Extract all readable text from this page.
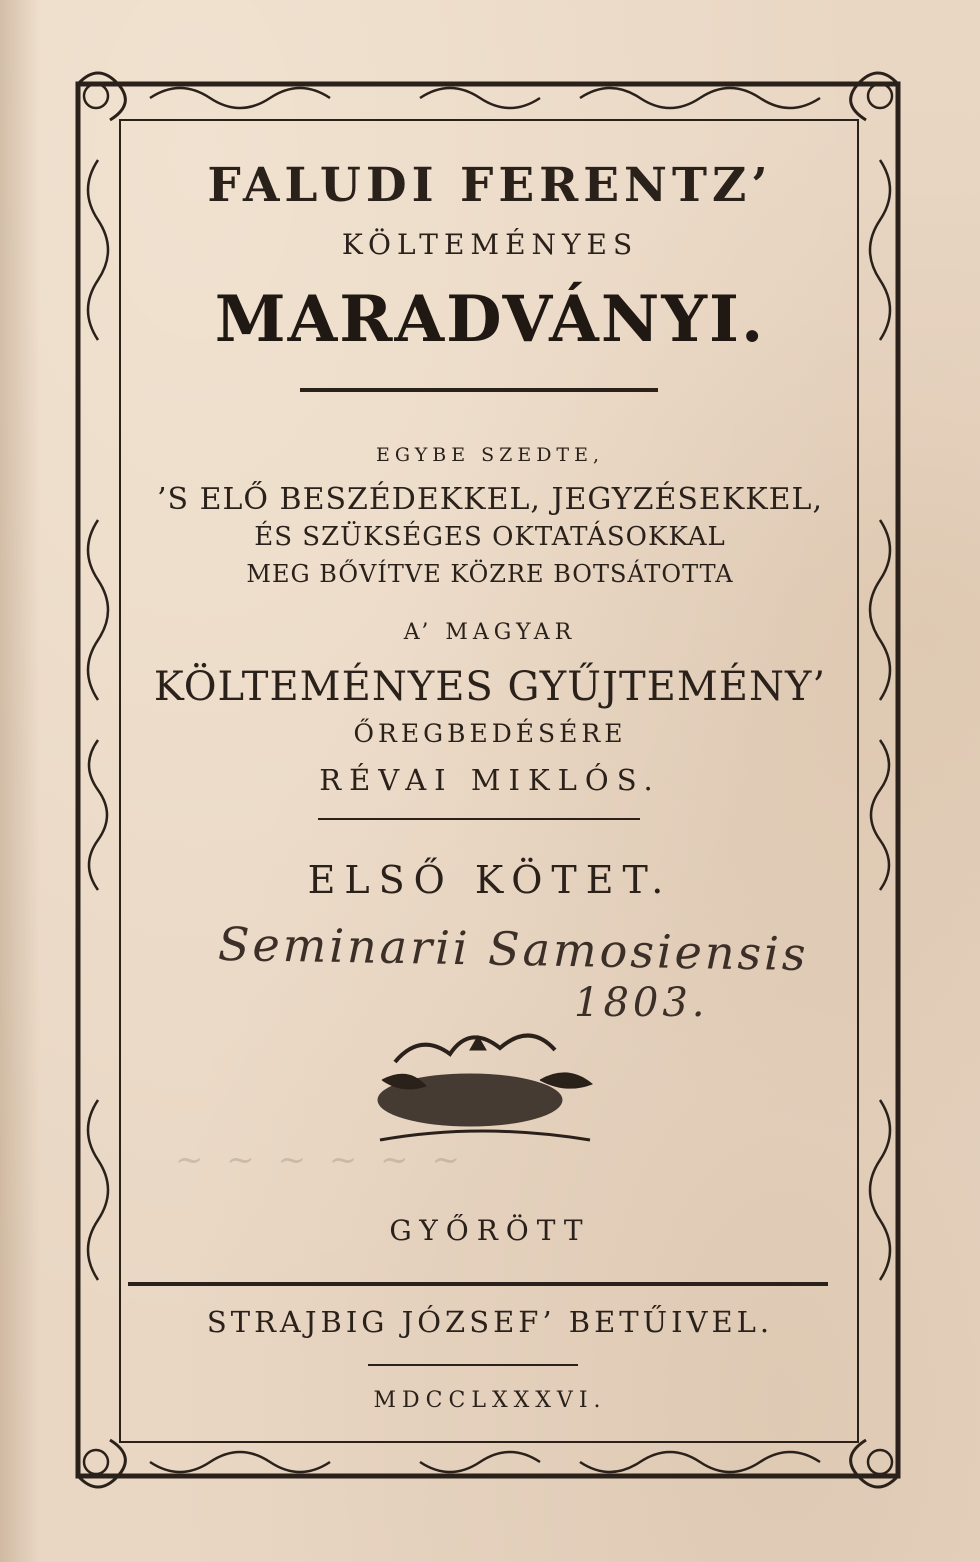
FALUDI FERENTZ’
KÖLTEMÉNYES
MARADVÁNYI.
EGYBE SZEDTE,
’S ELŐ BESZÉDEKKEL, JEGYZÉSEKKEL,
ÉS SZÜKSÉGES OKTATÁSOKKAL
MEG BŐVÍTVE KÖZRE BOTSÁTOTTA
A’ MAGYAR
KÖLTEMÉNYES GYŰJTEMÉNY’
ŐREGBEDÉSÉRE
RÉVAI MIKLÓS.
ELSŐ KÖTET.
Seminarii Samosiensis
1803.
~ ~ ~ ~ ~ ~
GYŐRÖTT
STRAJBIG JÓZSEF’ BETŰIVEL.
MDCCLXXXVI.
